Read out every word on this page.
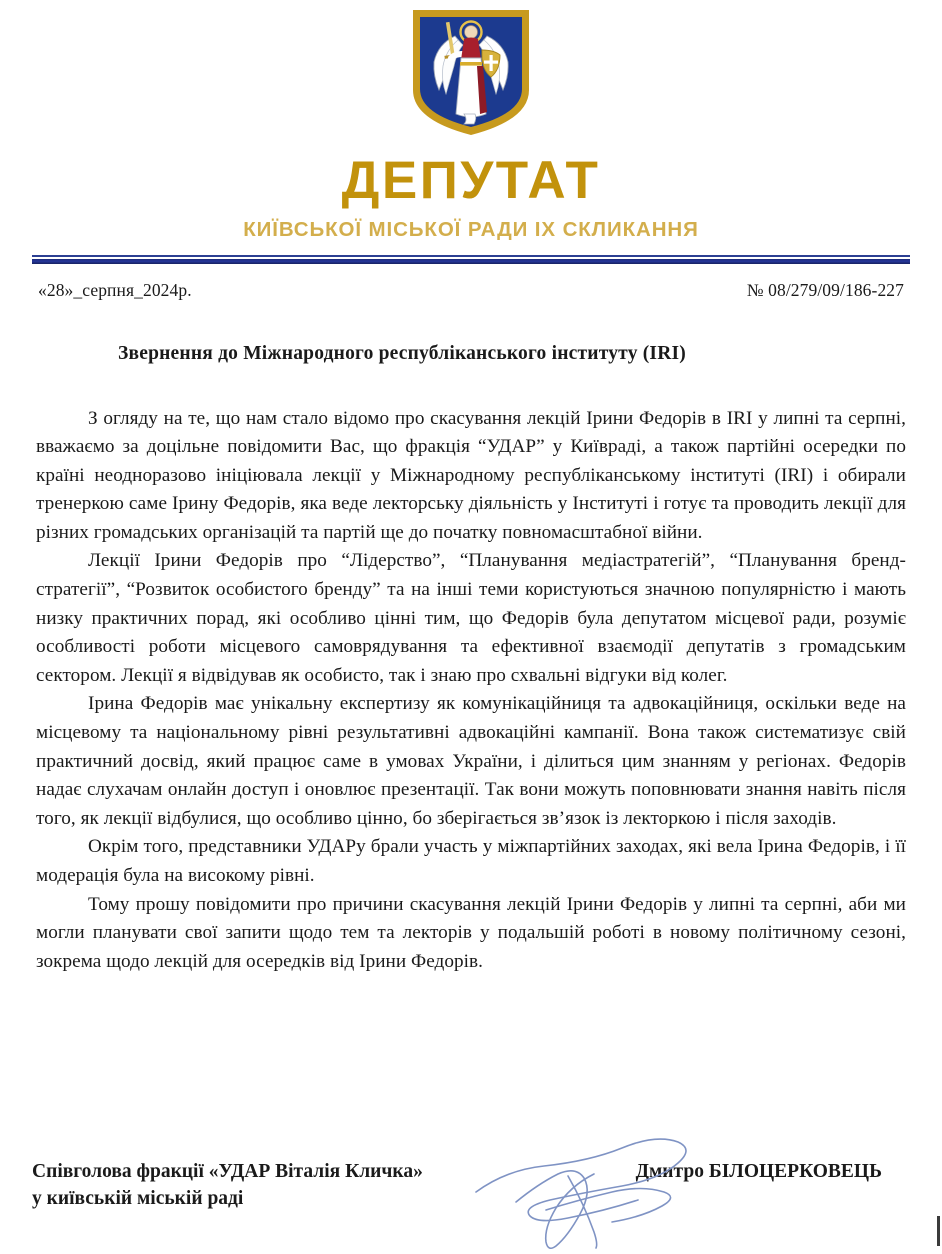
ДЕПУТАТ
КИЇВСЬКОЇ МІСЬКОЇ РАДИ IX СКЛИКАННЯ
«28»_серпня_2024р.	№ 08/279/09/186-227
Звернення до Міжнародного республіканського інституту (IRI)

З огляду на те, що нам стало відомо про скасування лекцій Ірини Федорів в IRI у липні та серпні, вважаємо за доцільне повідомити Вас, що фракція “УДАР” у Київраді, а також партійні осередки по країні неодноразово ініціювала лекції у Міжнародному республіканському інституті (IRI) і обирали тренеркою саме Ірину Федорів, яка веде лекторську діяльність у Інституті і готує та проводить лекції для різних громадських організацій та партій ще до початку повномасштабної війни.

Лекції Ірини Федорів про “Лідерство”, “Планування медіастратегій”, “Планування бренд-стратегії”, “Розвиток особистого бренду” та на інші теми користуються значною популярністю і мають низку практичних порад, які особливо цінні тим, що Федорів була депутатом місцевої ради, розуміє особливості роботи місцевого самоврядування та ефективної взаємодії депутатів з громадським сектором. Лекції я відвідував як особисто, так і знаю про схвальні відгуки від колег.

Ірина Федорів має унікальну експертизу як комунікаційниця та адвокаційниця, оскільки веде на місцевому та національному рівні результативні адвокаційні кампанії. Вона також систематизує свій практичний досвід, який працює саме в умовах України, і ділиться цим знанням у регіонах. Федорів надає слухачам онлайн доступ і оновлює презентації. Так вони можуть поповнювати знання навіть після того, як лекції відбулися, що особливо цінно, бо зберігається зв’язок із лекторкою і після заходів.

Окрім того, представники УДАРу брали участь у міжпартійних заходах, які вела Ірина Федорів, і її модерація була на високому рівні.

Тому прошу повідомити про причини скасування лекцій Ірини Федорів у липні та серпні, аби ми могли планувати свої запити щодо тем та лекторів у подальшій роботі в новому політичному сезоні, зокрема щодо лекцій для осередків від Ірини Федорів.

Співголова фракції «УДАР Віталія Кличка»
у київській міській раді
Дмитро БІЛОЦЕРКОВЕЦЬ
